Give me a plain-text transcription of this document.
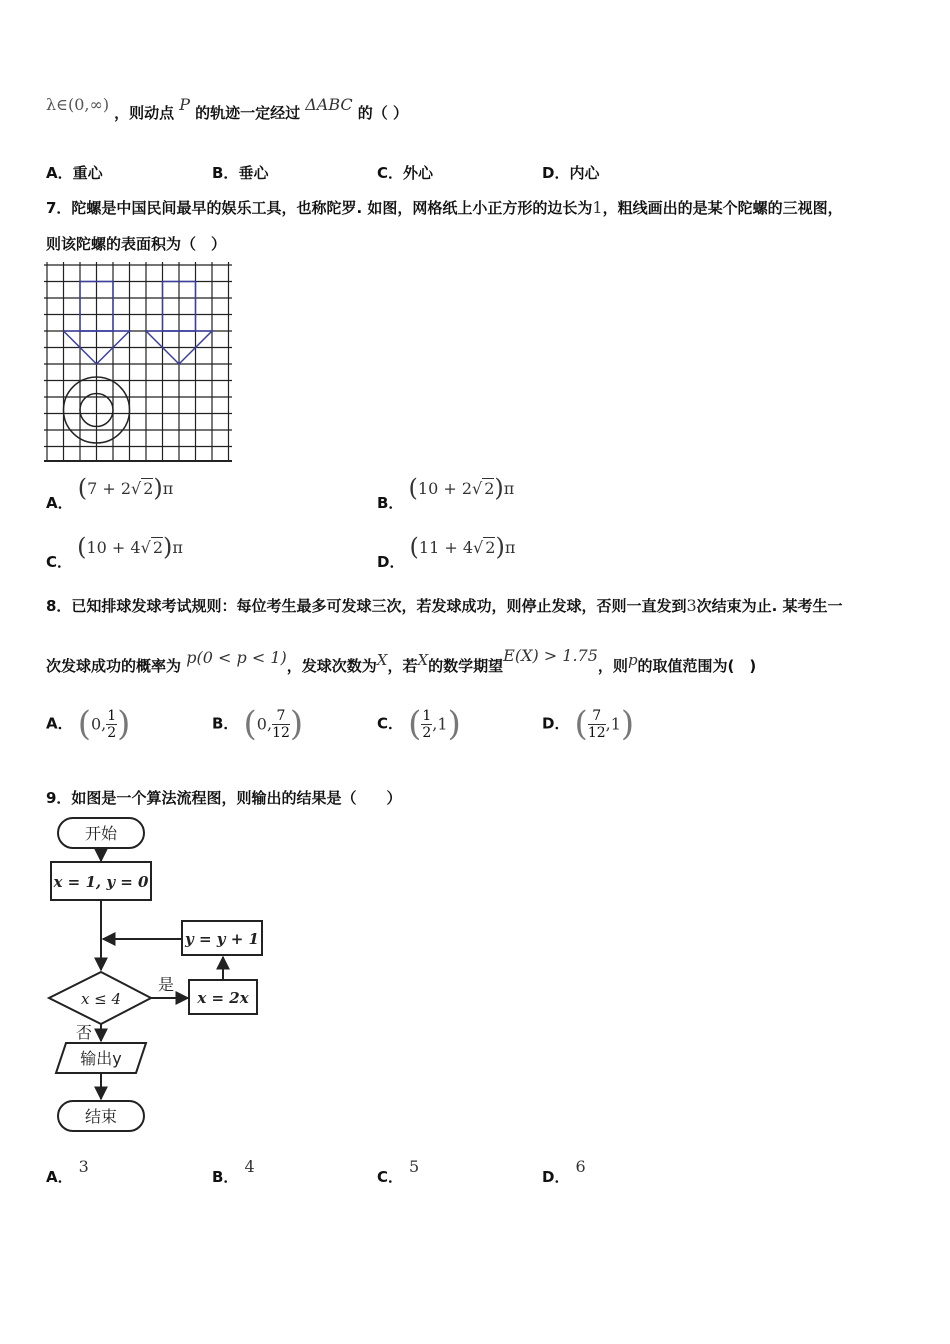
λ∈(0,∞) ，则动点 P 的轨迹一定经过 ΔABC 的（ ）
A．重心	B．垂心	C．外心	D．内心
7．陀螺是中国民间最早的娱乐工具，也称陀罗. 如图，网格纸上小正方形的边长为1，粗线画出的是某个陀螺的三视图，
则该陀螺的表面积为（　）
A． (7 + 2√ 2)π
B． (10 + 2√ 2)π
C． (10 + 4√ 2)π
D． (11 + 4√ 2)π
8．已知排球发球考试规则：每位考生最多可发球三次，若发球成功，则停止发球，否则一直发到3次结束为止. 某考生一
次发球成功的概率为 p(0 < p < 1)，发球次数为X，若X的数学期望E(X) > 1.75，则p的取值范围为(　)
A． (0, $\frac{1}{2}$ )	B． (0, $\frac{7}{12}$ )	C． ( $\frac{1}{2} ,1$)	D． ( $\frac{7}{12} ,1$)
9．如图是一个算法流程图，则输出的结果是（　　）
开始
x = 1, y = 0
y = y + 1
x ≤ 4
是
x = 2x
否
输出y
结束
A．3
B．4
C．5
D．6
